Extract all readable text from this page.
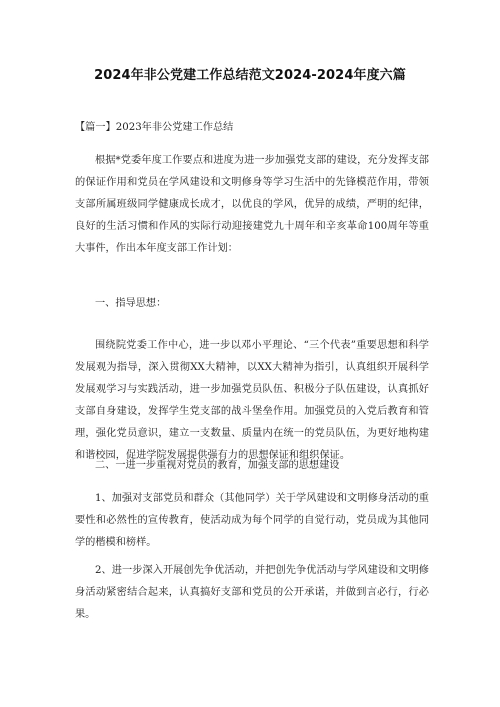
2024年非公党建工作总结范文2024-2024年度六篇
【篇一】2023年非公党建工作总结
根据*党委年度工作要点和进度为进一步加强党支部的建设，充分发挥支部的保证作用和党员在学风建设和文明修身等学习生活中的先锋模范作用，带领支部所属班级同学健康成长成才，以优良的学风，优异的成绩，严明的纪律，良好的生活习惯和作风的实际行动迎接建党九十周年和辛亥革命100周年等重大事件，作出本年度支部工作计划：
一、指导思想：
围绕院党委工作中心，进一步以邓小平理论、“三个代表”重要思想和科学发展观为指导，深入贯彻XX大精神，以XX大精神为指引，认真组织开展科学发展观学习与实践活动，进一步加强党员队伍、积极分子队伍建设，认真抓好支部自身建设，发挥学生党支部的战斗堡垒作用。加强党员的入党后教育和管理，强化党员意识，建立一支数量、质量内在统一的党员队伍，为更好地构建和谐校园，促进学院发展提供强有力的思想保证和组织保证。
二、一进一步重视对党员的教育，加强支部的思想建设
1、加强对支部党员和群众（其他同学）关于学风建设和文明修身活动的重要性和必然性的宣传教育，使活动成为每个同学的自觉行动，党员成为其他同学的楷模和榜样。
2、进一步深入开展创先争优活动，并把创先争优活动与学风建设和文明修身活动紧密结合起来，认真搞好支部和党员的公开承诺，并做到言必行，行必果。
